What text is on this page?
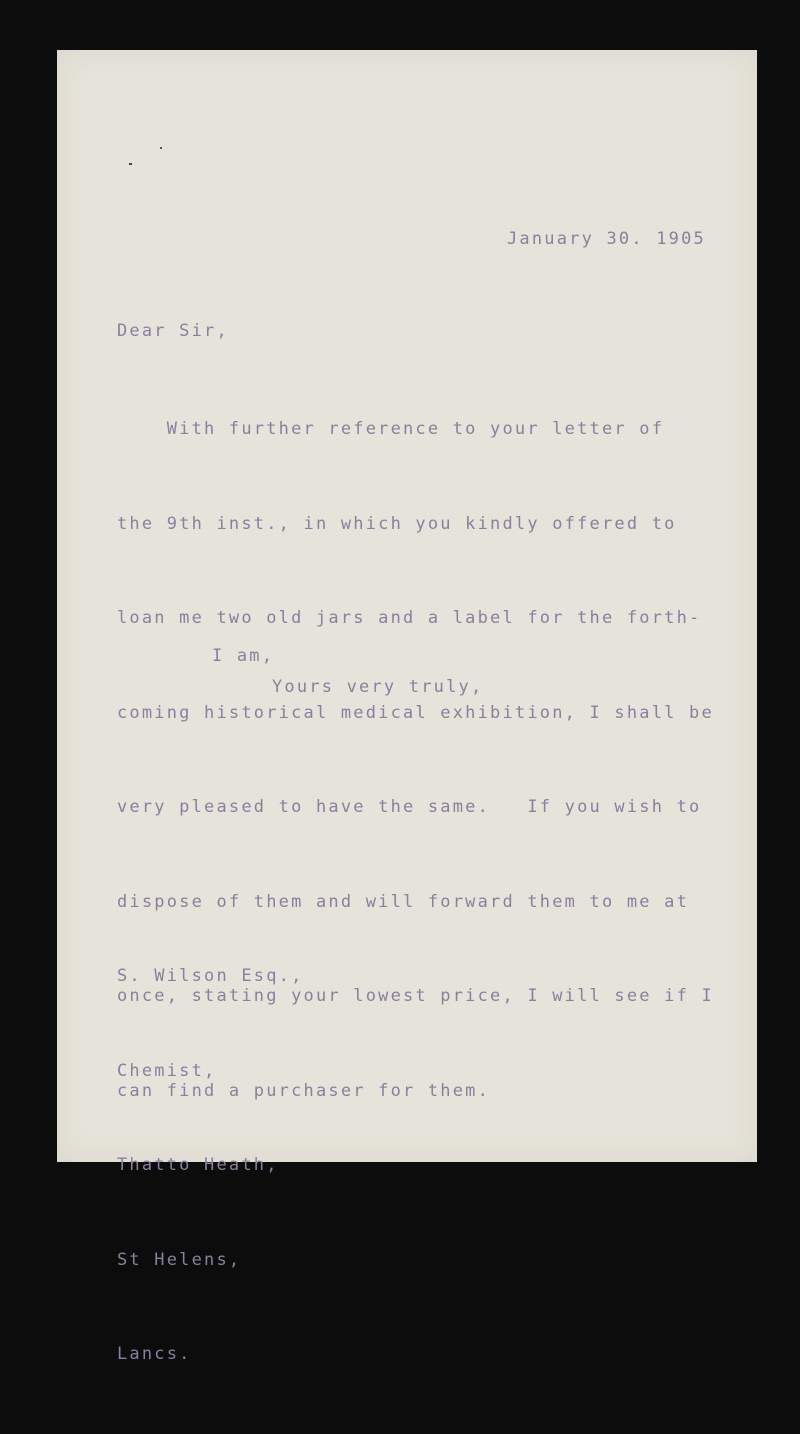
January 30. 1905
Dear Sir,

With further reference to your letter of

the 9th inst., in which you kindly offered to

loan me two old jars and a label for the forth-

coming historical medical exhibition, I shall be

very pleased to have the same.   If you wish to

dispose of them and will forward them to me at

once, stating your lowest price, I will see if I

can find a purchaser for them.

I am,
Yours very truly,

S. Wilson Esq.,

Chemist,

Thatto Heath,

St Helens,

Lancs.
